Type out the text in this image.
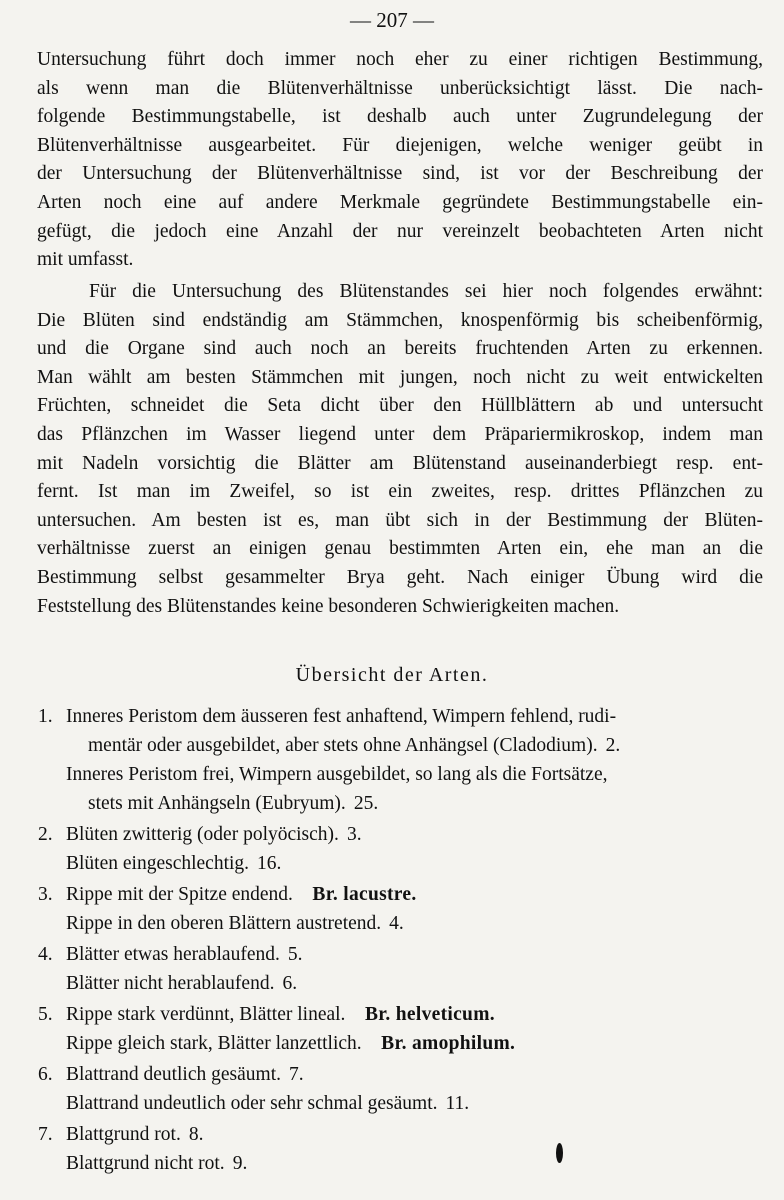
— 207 —
Untersuchung führt doch immer noch eher zu einer richtigen Bestimmung,
als wenn man die Blütenverhältnisse unberücksichtigt lässt. Die nach-
folgende Bestimmungstabelle, ist deshalb auch unter Zugrundelegung der
Blütenverhältnisse ausgearbeitet. Für diejenigen, welche weniger geübt in
der Untersuchung der Blütenverhältnisse sind, ist vor der Beschreibung der
Arten noch eine auf andere Merkmale gegründete Bestimmungstabelle ein-
gefügt, die jedoch eine Anzahl der nur vereinzelt beobachteten Arten nicht
mit umfasst.
Für die Untersuchung des Blütenstandes sei hier noch folgendes erwähnt:
Die Blüten sind endständig am Stämmchen, knospenförmig bis scheibenförmig,
und die Organe sind auch noch an bereits fruchtenden Arten zu erkennen.
Man wählt am besten Stämmchen mit jungen, noch nicht zu weit entwickelten
Früchten, schneidet die Seta dicht über den Hüllblättern ab und untersucht
das Pflänzchen im Wasser liegend unter dem Präpariermikroskop, indem man
mit Nadeln vorsichtig die Blätter am Blütenstand auseinanderbiegt resp. ent-
fernt. Ist man im Zweifel, so ist ein zweites, resp. drittes Pflänzchen zu
untersuchen. Am besten ist es, man übt sich in der Bestimmung der Blüten-
verhältnisse zuerst an einigen genau bestimmten Arten ein, ehe man an die
Bestimmung selbst gesammelter Brya geht. Nach einiger Übung wird die
Feststellung des Blütenstandes keine besonderen Schwierigkeiten machen.
Übersicht der Arten.
1. Inneres Peristom dem äusseren fest anhaftend, Wimpern fehlend, rudi-
mentär oder ausgebildet, aber stets ohne Anhängsel (Cladodium). 2.
Inneres Peristom frei, Wimpern ausgebildet, so lang als die Fortsätze,
stets mit Anhängseln (Eubryum). 25.
2. Blüten zwitterig (oder polyöcisch). 3.
Blüten eingeschlechtig. 16.
3. Rippe mit der Spitze endend.  Br. lacustre.
Rippe in den oberen Blättern austretend. 4.
4. Blätter etwas herablaufend. 5.
Blätter nicht herablaufend. 6.
5. Rippe stark verdünnt, Blätter lineal.  Br. helveticum.
Rippe gleich stark, Blätter lanzettlich.  Br. amophilum.
6. Blattrand deutlich gesäumt. 7.
Blattrand undeutlich oder sehr schmal gesäumt. 11.
7. Blattgrund rot. 8.
Blattgrund nicht rot. 9.
